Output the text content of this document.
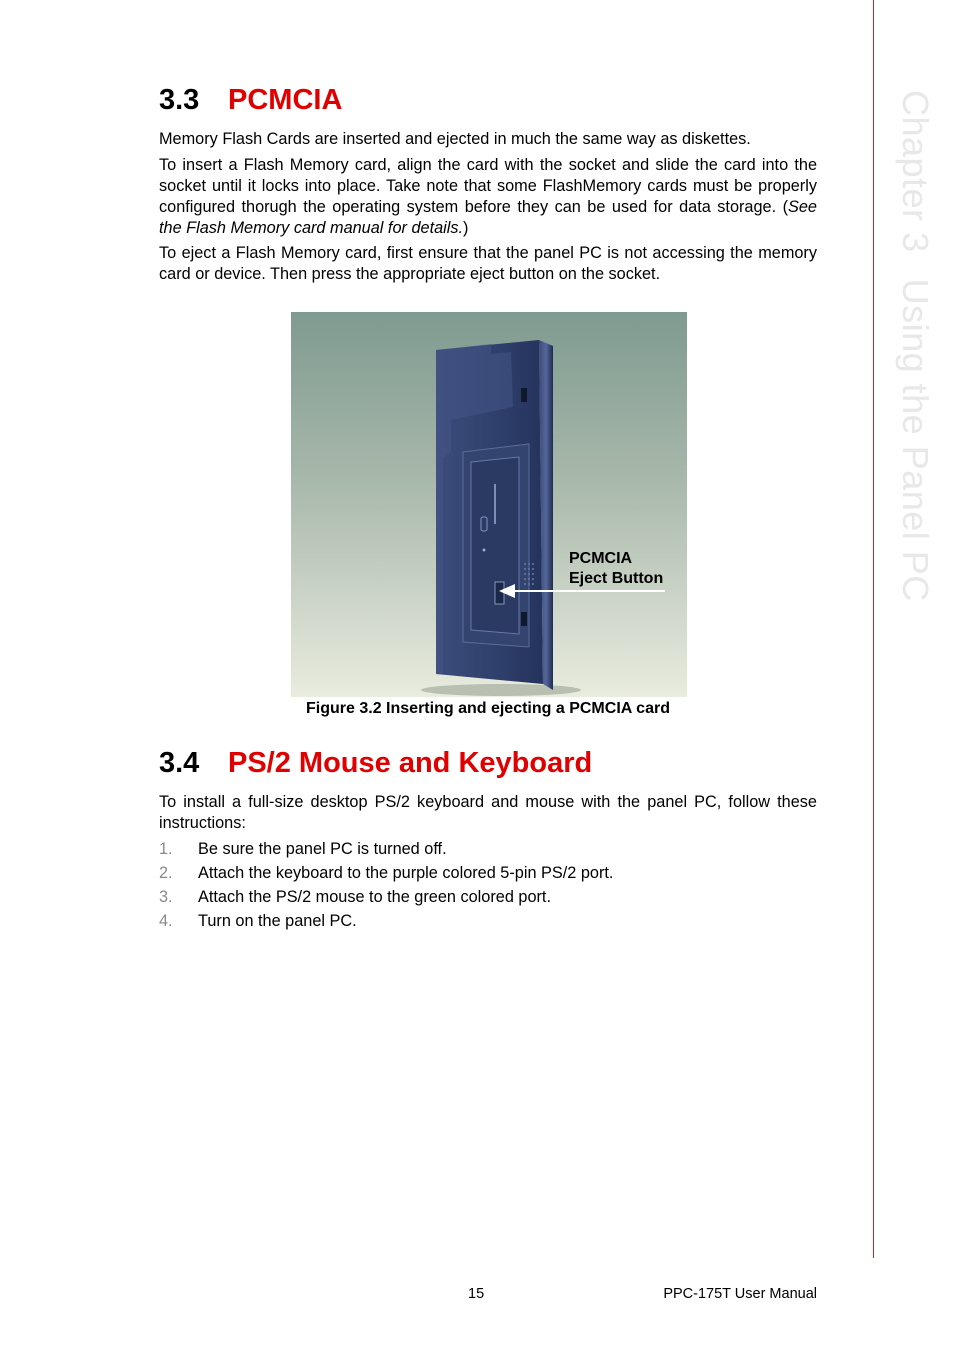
Chapter 3Using the Panel PC
3.3 PCMCIA

Memory Flash Cards are inserted and ejected in much the same way as diskettes.

To insert a Flash Memory card, align the card with the socket and slide the card into the socket until it locks into place. Take note that some FlashMemory cards must be properly configured thorugh the operating system before they can be used for data storage. (See the Flash Memory card manual for details.)

To eject a Flash Memory card, first ensure that the panel PC is not accessing the memory card or device. Then press the appropriate eject button on the socket.

PCMCIA
Eject Button
Figure 3.2 Inserting and ejecting a PCMCIA card
3.4 PS/2 Mouse and Keyboard

To install a full-size desktop PS/2 keyboard and mouse with the panel PC, follow these instructions:

1. Be sure the panel PC is turned off.
2. Attach the keyboard to the purple colored 5-pin PS/2 port.
3. Attach the PS/2 mouse to the green colored port.
4. Turn on the panel PC.
15	PPC-175T User Manual
